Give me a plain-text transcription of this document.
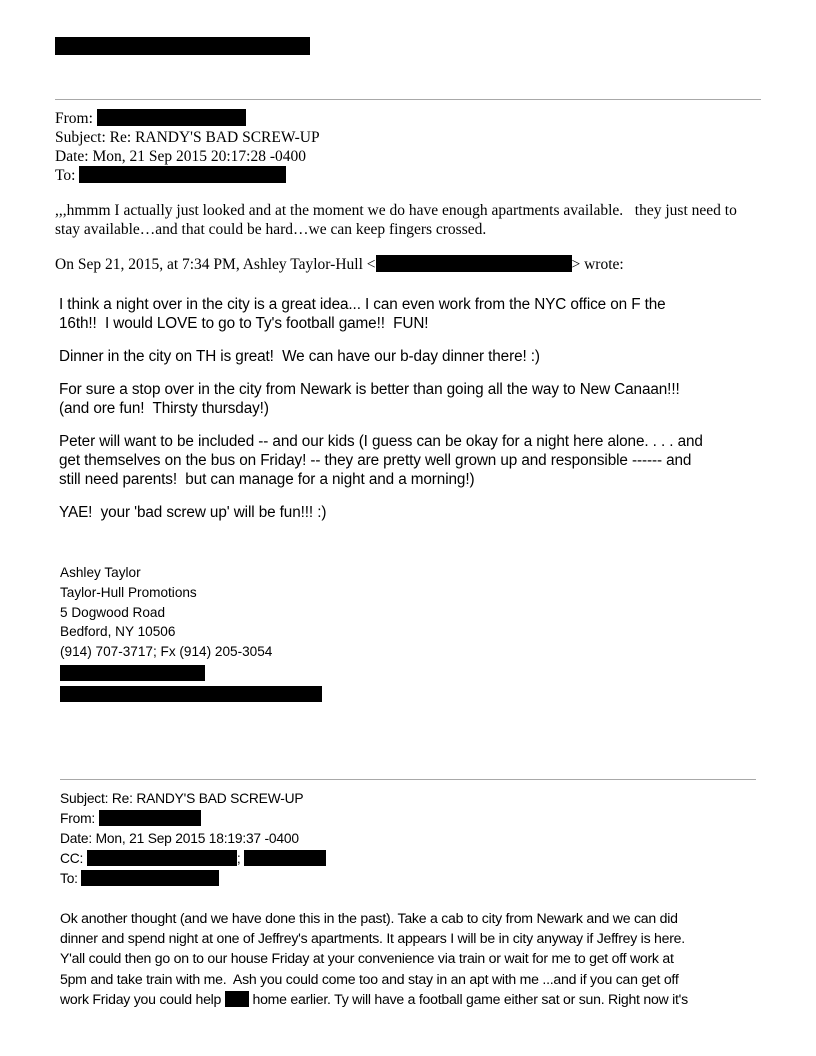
From:
Subject: Re: RANDY'S BAD SCREW-UP
Date: Mon, 21 Sep 2015 20:17:28 -0400
To:
,,,hmmm I actually just looked and at the moment we do have enough apartments available.   they just need to
stay available…and that could be hard…we can keep fingers crossed.
On Sep 21, 2015, at 7:34 PM, Ashley Taylor-Hull <	> wrote:
I think a night over in the city is a great idea... I can even work from the NYC office on F the
16th!!  I would LOVE to go to Ty's football game!!  FUN!
Dinner in the city on TH is great!  We can have our b-day dinner there! :)
For sure a stop over in the city from Newark is better than going all the way to New Canaan!!!
(and ore fun!  Thirsty thursday!)
Peter will want to be included -- and our kids (I guess can be okay for a night here alone. . . . and
get themselves on the bus on Friday! -- they are pretty well grown up and responsible ------ and
still need parents!  but can manage for a night and a morning!)
YAE!  your 'bad screw up' will be fun!!! :)
Ashley Taylor
Taylor-Hull Promotions
5 Dogwood Road
Bedford, NY 10506
(914) 707-3717; Fx (914) 205-3054
Subject: Re: RANDY'S BAD SCREW-UP
From:
Date: Mon, 21 Sep 2015 18:19:37 -0400
CC:	;
To:
Ok another thought (and we have done this in the past). Take a cab to city from Newark and we can did
dinner and spend night at one of Jeffrey's apartments. It appears I will be in city anyway if Jeffrey is here.
Y'all could then go on to our house Friday at your convenience via train or wait for me to get off work at
5pm and take train with me.  Ash you could come too and stay in an apt with me ...and if you can get off
work Friday you could help  home earlier. Ty will have a football game either sat or sun. Right now it's
